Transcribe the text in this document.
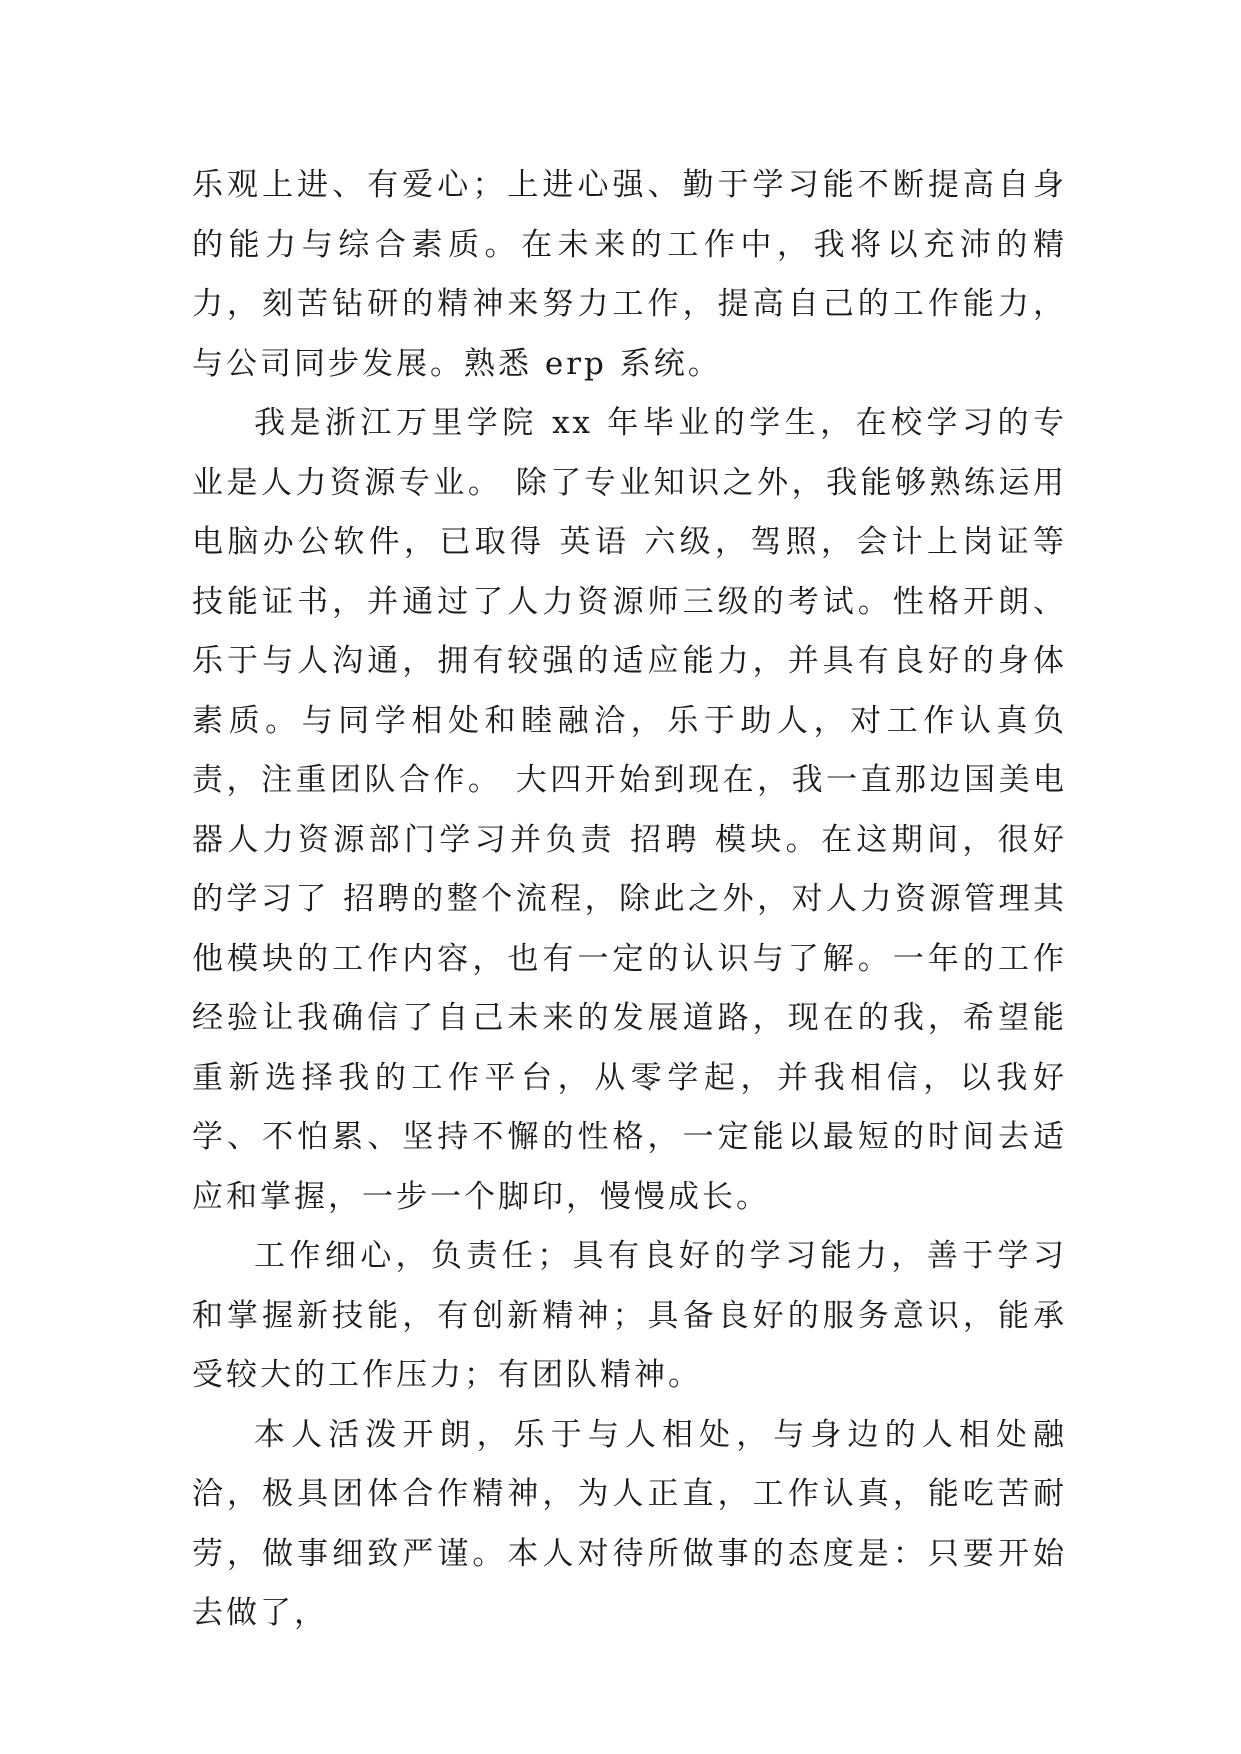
乐观上进、有爱心；上进心强、勤于学习能不断提高自身的能力与综合素质。在未来的工作中，我将以充沛的精力，刻苦钻研的精神来努力工作，提高自己的工作能力，与公司同步发展。熟悉 erp 系统。

我是浙江万里学院 xx 年毕业的学生，在校学习的专业是人力资源专业。 除了专业知识之外，我能够熟练运用电脑办公软件，已取得 英语 六级，驾照，会计上岗证等技能证书，并通过了人力资源师三级的考试。性格开朗、乐于与人沟通，拥有较强的适应能力，并具有良好的身体素质。与同学相处和睦融洽，乐于助人，对工作认真负责，注重团队合作。 大四开始到现在，我一直那边国美电器人力资源部门学习并负责 招聘 模块。在这期间，很好的学习了 招聘的整个流程，除此之外，对人力资源管理其他模块的工作内容，也有一定的认识与了解。一年的工作经验让我确信了自己未来的发展道路，现在的我，希望能重新选择我的工作平台，从零学起，并我相信，以我好学、不怕累、坚持不懈的性格，一定能以最短的时间去适应和掌握，一步一个脚印，慢慢成长。

工作细心，负责任；具有良好的学习能力，善于学习和掌握新技能，有创新精神；具备良好的服务意识，能承受较大的工作压力；有团队精神。

本人活泼开朗，乐于与人相处，与身边的人相处融洽，极具团体合作精神，为人正直，工作认真，能吃苦耐劳，做事细致严谨。本人对待所做事的态度是：只要开始去做了，
